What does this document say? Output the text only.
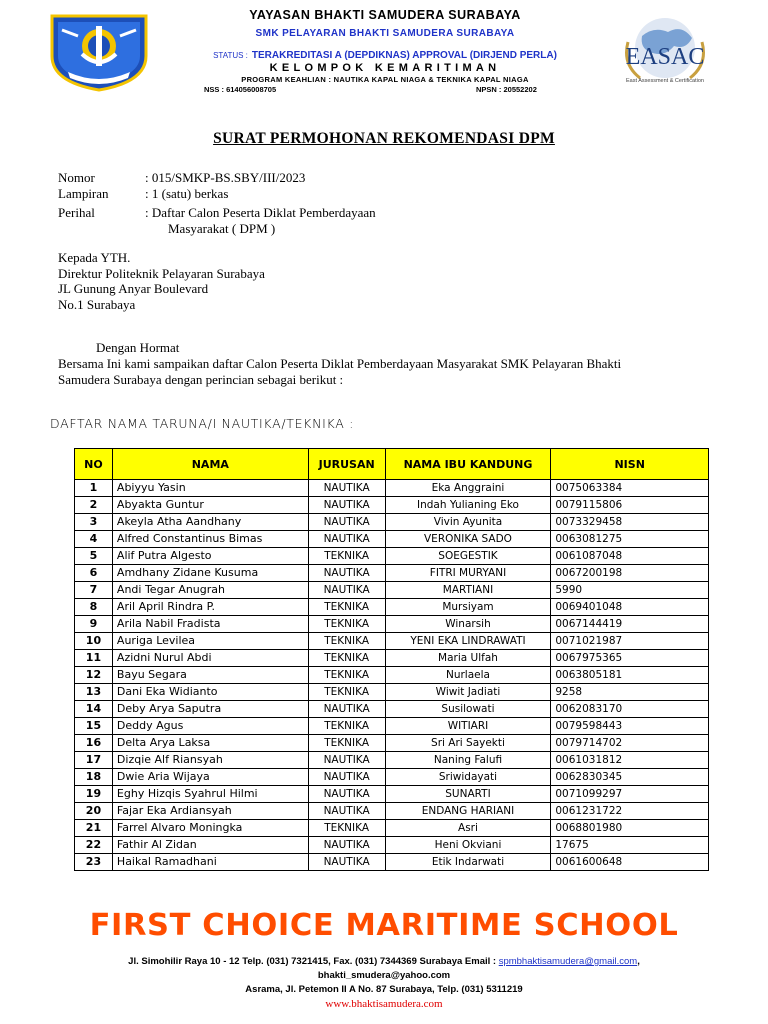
YAYASAN BHAKTI SAMUDERA SURABAYA
SMK PELAYARAN BHAKTI SAMUDERA SURABAYA
STATUS : TERAKREDITASI A (DEPDIKNAS) APPROVAL (DIRJEND PERLA)
KELOMPOK KEMARITIMAN
PROGRAM KEAHLIAN : NAUTIKA KAPAL NIAGA & TEKNIKA KAPAL NIAGA
NSS : 614056008705	NPSN : 20552202
EASAC
East Assessment & Certification
SURAT PERMOHONAN REKOMENDASI DPM
Nomor	: 015/SMKP-BS.SBY/III/2023
Lampiran	: 1 (satu) berkas
Perihal	: Daftar Calon Peserta Diklat Pemberdayaan
Masyarakat ( DPM )
Kepada YTH.
Direktur Politeknik Pelayaran Surabaya
JL Gunung Anyar Boulevard
No.1 Surabaya
Dengan Hormat
Bersama Ini kami sampaikan daftar Calon Peserta Diklat Pemberdayaan Masyarakat SMK Pelayaran Bhakti
Samudera Surabaya dengan perincian sebagai berikut :
DAFTAR NAMA TARUNA/I NAUTIKA/TEKNIKA :
NO	NAMA	JURUSAN	NAMA IBU KANDUNG	NISN
1	Abiyyu Yasin	NAUTIKA	Eka Anggraini	0075063384
2	Abyakta Guntur	NAUTIKA	Indah Yulianing Eko	0079115806
3	Akeyla Atha Aandhany	NAUTIKA	Vivin Ayunita	0073329458
4	Alfred Constantinus Bimas	NAUTIKA	VERONIKA SADO	0063081275
5	Alif Putra Algesto	TEKNIKA	SOEGESTIK	0061087048
6	Amdhany Zidane Kusuma	NAUTIKA	FITRI MURYANI	0067200198
7	Andi Tegar Anugrah	NAUTIKA	MARTIANI	5990
8	Aril April Rindra P.	TEKNIKA	Mursiyam	0069401048
9	Arila Nabil Fradista	TEKNIKA	Winarsih	0067144419
10	Auriga Levilea	TEKNIKA	YENI EKA LINDRAWATI	0071021987
11	Azidni Nurul Abdi	TEKNIKA	Maria Ulfah	0067975365
12	Bayu Segara	TEKNIKA	Nurlaela	0063805181
13	Dani Eka Widianto	TEKNIKA	Wiwit Jadiati	9258
14	Deby Arya Saputra	NAUTIKA	Susilowati	0062083170
15	Deddy Agus	TEKNIKA	WITIARI	0079598443
16	Delta Arya Laksa	TEKNIKA	Sri Ari Sayekti	0079714702
17	Dizqie Alf Riansyah	NAUTIKA	Naning Falufi	0061031812
18	Dwie Aria Wijaya	NAUTIKA	Sriwidayati	0062830345
19	Eghy Hizqis Syahrul Hilmi	NAUTIKA	SUNARTI	0071099297
20	Fajar Eka Ardiansyah	NAUTIKA	ENDANG HARIANI	0061231722
21	Farrel Alvaro Moningka	TEKNIKA	Asri	0068801980
22	Fathir Al Zidan	NAUTIKA	Heni Okviani	17675
23	Haikal Ramadhani	NAUTIKA	Etik Indarwati	0061600648
FIRST CHOICE MARITIME SCHOOL
Jl. Simohilir Raya 10 - 12 Telp. (031) 7321415, Fax. (031) 7344369 Surabaya Email : spmbhaktisamudera@gmail.com,
bhakti_smudera@yahoo.com
Asrama, Jl. Petemon II A No. 87 Surabaya, Telp. (031) 5311219
www.bhaktisamudera.com
